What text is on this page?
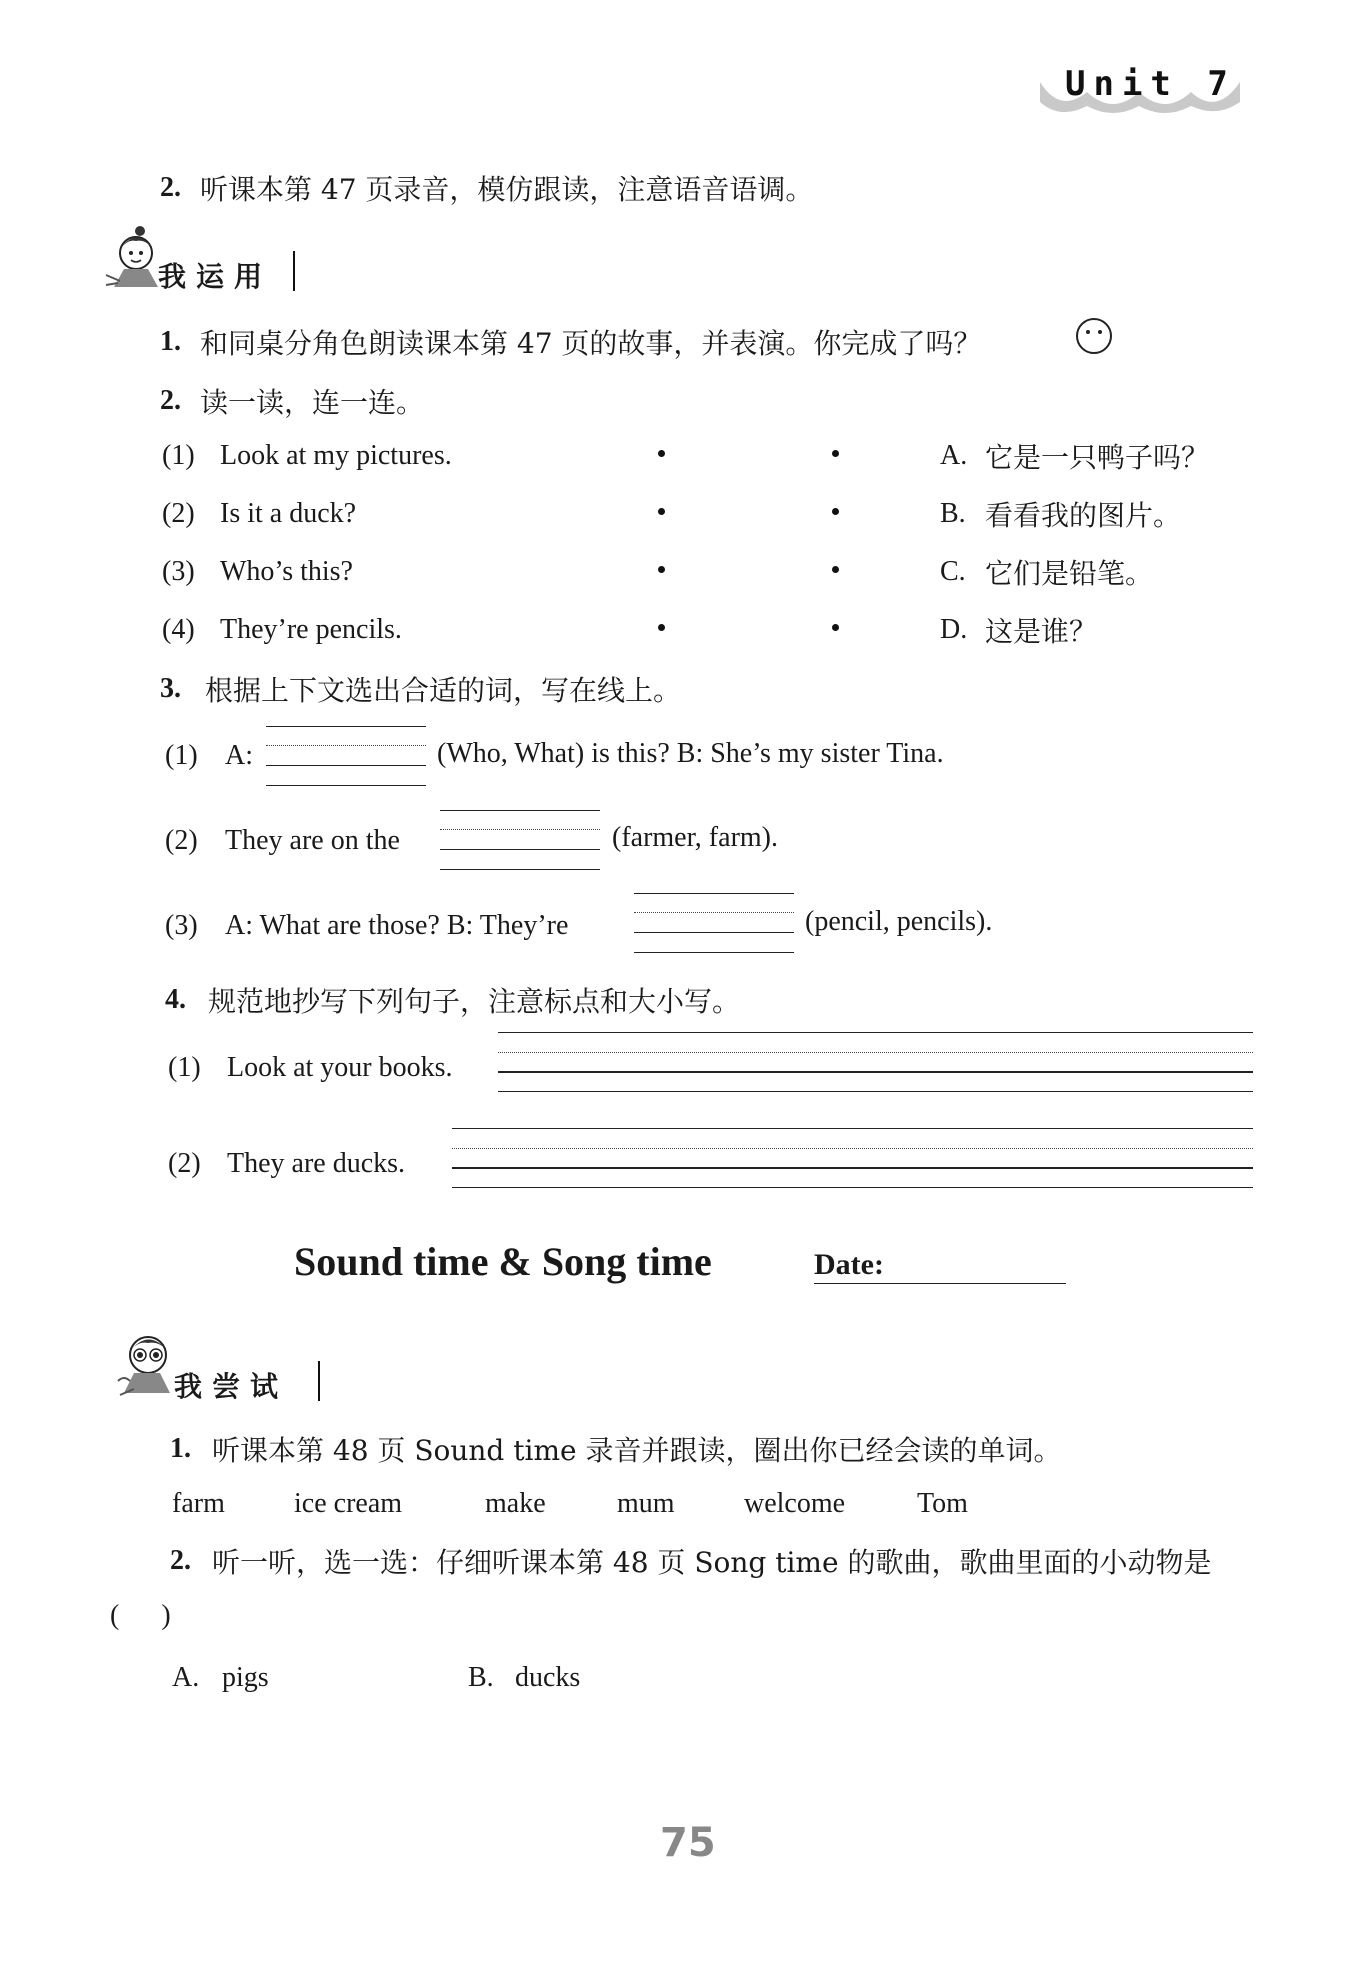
Unit 7
2. 听课本第 47 页录音，模仿跟读，注意语音语调。
我运用
1. 和同桌分角色朗读课本第 47 页的故事，并表演。你完成了吗？
2. 读一读，连一连。
(1) Look at my pictures.	A. 它是一只鸭子吗？
(2) Is it a duck?	B. 看看我的图片。
(3) Who’s this?	C. 它们是铅笔。
(4) They’re pencils.	D. 这是谁？
3. 根据上下文选出合适的词，写在线上。
(1) A:	(Who, What) is this? B: She’s my sister Tina.
(2) They are on the	(farmer, farm).
(3) A: What are those? B: They’re	(pencil, pencils).
4. 规范地抄写下列句子，注意标点和大小写。
(1) Look at your books.
(2) They are ducks.
Sound time & Song time	Date:
我尝试
1. 听课本第 48 页 Sound time 录音并跟读，圈出你已经会读的单词。
farm ice cream	make	mum welcome	Tom
2. 听一听，选一选：仔细听课本第 48 页 Song time 的歌曲，歌曲里面的小动物是
(      )
A. pigs	B. ducks
75
